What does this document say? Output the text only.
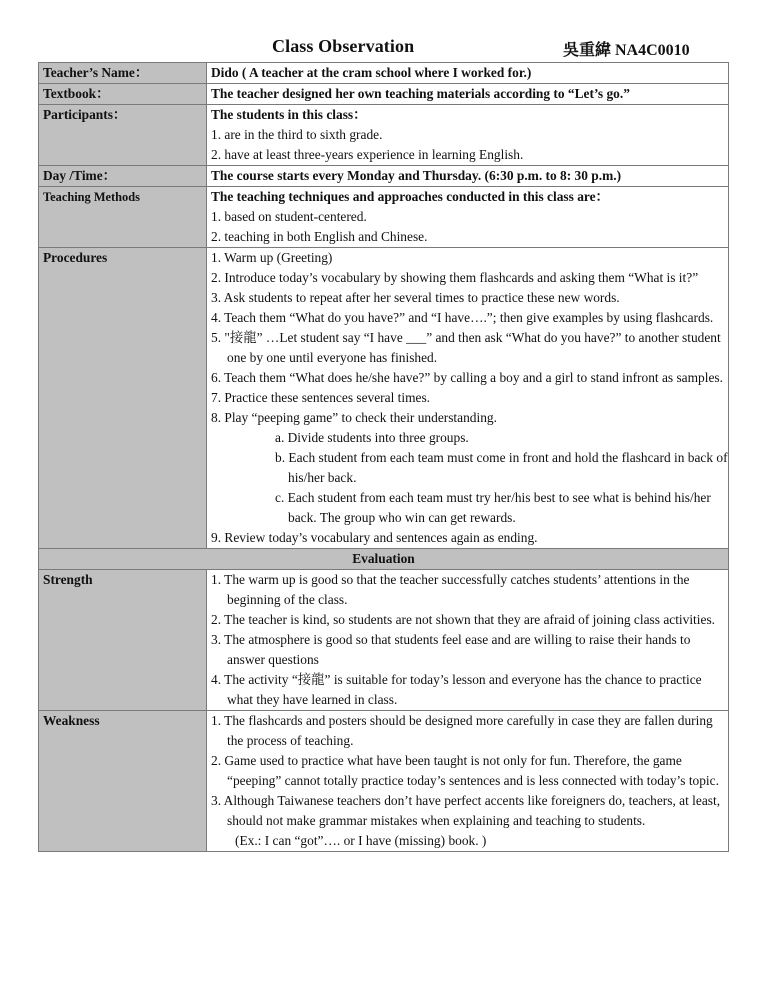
Class Observation	吳重緯 NA4C0010
Teacher’s Name：	Dido ( A teacher at the cram school where I worked for.)
Textbook：	The teacher designed her own teaching materials according to “Let’s go.”
Participants：	The students in this class：
1. are in the third to sixth grade.
2. have at least three-years experience in learning English.

Day /Time：	The course starts every Monday and Thursday. (6:30 p.m. to 8: 30 p.m.)
Teaching Methods	The teaching techniques and approaches conducted in this class are：
1. based on student-centered.
2. teaching in both English and Chinese.

Procedures	1. Warm up (Greeting)
2. Introduce today’s vocabulary by showing them flashcards and asking them “What is it?”
3. Ask students to repeat after her several times to practice these new words.
4. Teach them “What do you have?” and “I have….”; then give examples by using flashcards.
5. "接龍” …Let student say “I have ___” and then ask “What do you have?” to another student one by one until everyone has finished.
6. Teach them “What does he/she have?” by calling a boy and a girl to stand infront as samples.
7. Practice these sentences several times.
8. Play “peeping game” to check their understanding.
a. Divide students into three groups.
b. Each student from each team must come in front and hold the flashcard in back of his/her back.
c. Each student from each team must try her/his best to see what is behind his/her back. The group who win can get rewards.
9. Review today’s vocabulary and sentences again as ending.

Evaluation	
Strength	1. The warm up is good so that the teacher successfully catches students’ attentions in the beginning of the class.
2. The teacher is kind, so students are not shown that they are afraid of joining class activities.
3. The atmosphere is good so that students feel ease and are willing to raise their hands to answer questions
4. The activity “接龍” is suitable for today’s lesson and everyone has the chance to practice what they have learned in class.

Weakness	1. The flashcards and posters should be designed more carefully in case they are fallen during the process of teaching.
2. Game used to practice what have been taught is not only for fun. Therefore, the game “peeping” cannot totally practice today’s sentences and is less connected with today’s topic.
3. Although Taiwanese teachers don’t have perfect accents like foreigners do, teachers, at least, should not make grammar mistakes when explaining and teaching to students.
(Ex.: I can “got”…. or I have (missing) book. )
